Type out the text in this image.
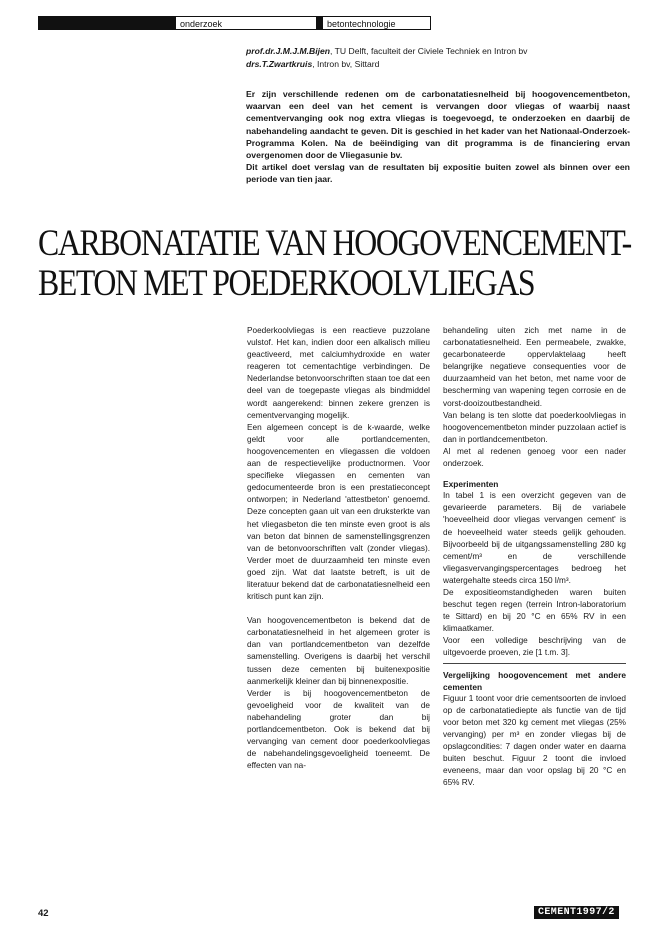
onderzoek	betontechnologie
prof.dr.J.M.J.M.Bijen, TU Delft, faculteit der Civiele Techniek en Intron bv
drs.T.Zwartkruis, Intron bv, Sittard

Er zijn verschillende redenen om de carbonatatiesnelheid bij hoogovencementbeton, waarvan een deel van het cement is vervangen door vliegas of waarbij naast cementvervanging ook nog extra vliegas is toegevoegd, te onderzoeken en daarbij de nabehandeling aandacht te geven. Dit is geschied in het kader van het Nationaal-Onderzoek-Programma Kolen. Na de beëindiging van dit programma is de financiering ervan overgenomen door de Vliegasunie bv.

Dit artikel doet verslag van de resultaten bij expositie buiten zowel als binnen over een periode van tien jaar.

CARBONATATIE VAN HOOGOVENCEMENT-
BETON MET POEDERKOOLVLIEGAS

Poederkoolvliegas is een reactieve puzzolane vulstof. Het kan, indien door een alkalisch milieu geactiveerd, met calciumhydroxide en water reageren tot cementachtige verbindingen. De Nederlandse betonvoorschriften staan toe dat een deel van de toegepaste vliegas als bindmiddel wordt aangerekend: binnen zekere grenzen is cementvervanging mogelijk.

Een algemeen concept is de k-waarde, welke geldt voor alle portlandcementen, hoogovencementen en vliegassen die voldoen aan de respectievelijke productnormen. Voor specifieke vliegassen en cementen van gedocumenteerde bron is een prestatieconcept ontworpen; in Nederland 'attestbeton' genoemd. Deze concepten gaan uit van een druksterkte van het vliegasbeton die ten minste even groot is als van beton dat binnen de samenstellingsgrenzen van de betonvoorschriften valt (zonder vliegas). Verder moet de duurzaamheid ten minste even goed zijn. Wat dat laatste betreft, is uit de literatuur bekend dat de carbonatatiesnelheid een kritisch punt kan zijn.

Van hoogovencementbeton is bekend dat de carbonatatiesnelheid in het algemeen groter is dan van portlandcementbeton van dezelfde samenstelling. Overigens is daarbij het verschil tussen deze cementen bij buitenexpositie aanmerkelijk kleiner dan bij binnenexpositie.

Verder is bij hoogovencementbeton de gevoeligheid voor de kwaliteit van de nabehandeling groter dan bij portlandcementbeton. Ook is bekend dat bij vervanging van cement door poederkoolvliegas de nabehandelingsgevoeligheid toeneemt. De effecten van na-

behandeling uiten zich met name in de carbonatatiesnelheid. Een permeabele, zwakke, gecarbonateerde oppervlaktelaag heeft belangrijke negatieve consequenties voor de duurzaamheid van het beton, met name voor de bescherming van wapening tegen corrosie en de vorst-dooizoutbestandheid.

Van belang is ten slotte dat poederkoolvliegas in hoogovencementbeton minder puzzolaan actief is dan in portlandcementbeton.

Al met al redenen genoeg voor een nader onderzoek.

Experimenten

In tabel 1 is een overzicht gegeven van de gevarieerde parameters. Bij de variabele 'hoeveelheid door vliegas vervangen cement' is de hoeveelheid water steeds gelijk gehouden. Bijvoorbeeld bij de uitgangssamenstelling 280 kg cement/m³ en de verschillende vliegasvervangingspercentages bedroeg het watergehalte steeds circa 150 l/m³.

De expositieomstandigheden waren buiten beschut tegen regen (terrein Intron-laboratorium te Sittard) en bij 20 °C en 65% RV in een klimaatkamer.

Voor een volledige beschrijving van de uitgevoerde proeven, zie [1 t.m. 3].

Vergelijking hoogovencement met andere cementen

Figuur 1 toont voor drie cementsoorten de invloed op de carbonatatiediepte als functie van de tijd voor beton met 320 kg cement met vliegas (25% vervanging) per m³ en zonder vliegas bij de opslagcondities: 7 dagen onder water en daarna buiten beschut. Figuur 2 toont die invloed eveneens, maar dan voor opslag bij 20 °C en 65% RV.

42	CEMENT1997/2
